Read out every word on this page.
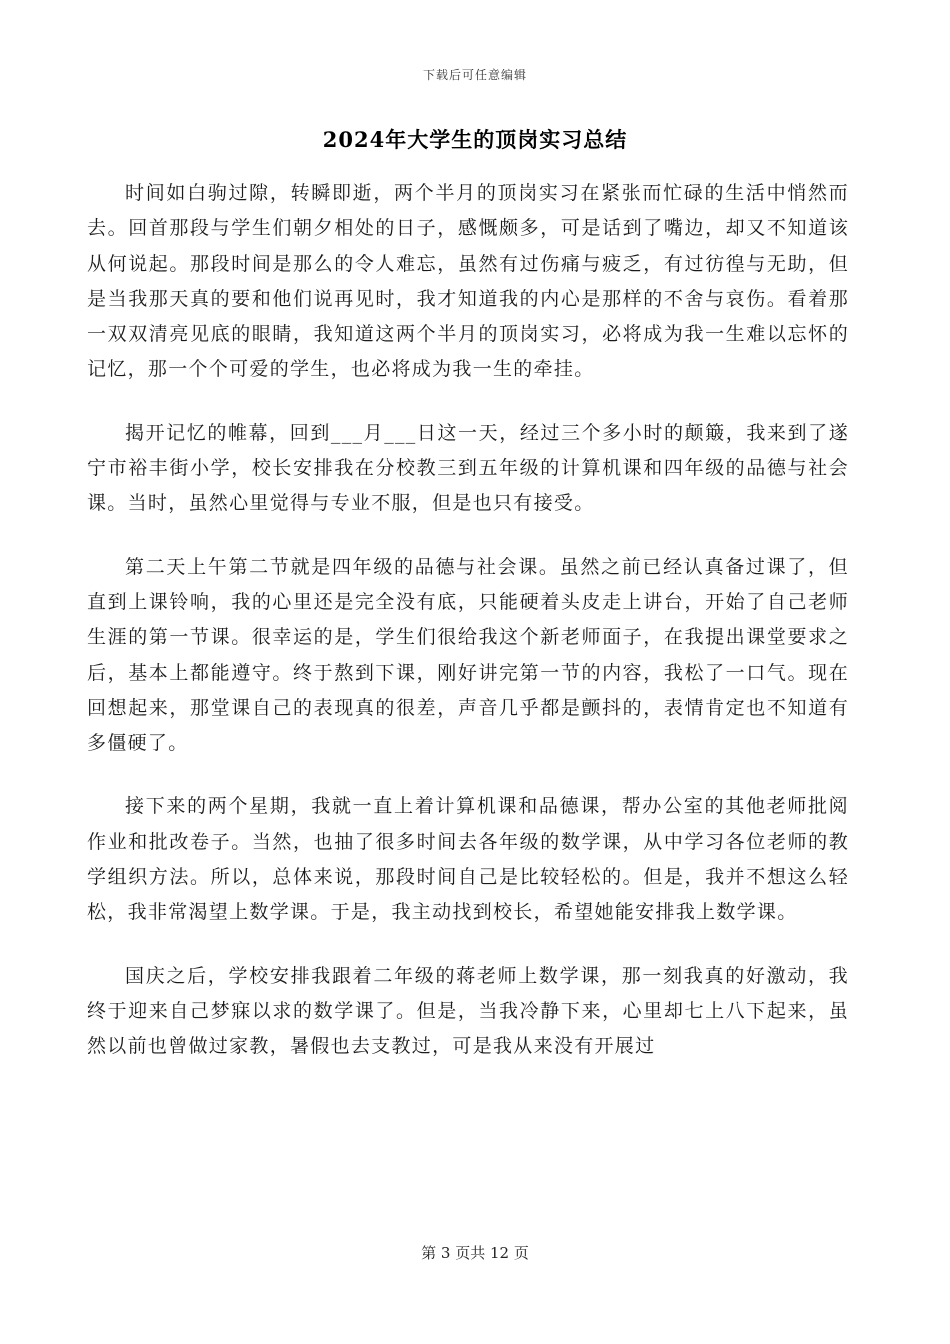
下载后可任意编辑
2024年大学生的顶岗实习总结

时间如白驹过隙，转瞬即逝，两个半月的顶岗实习在紧张而忙碌的生活中悄然而去。回首那段与学生们朝夕相处的日子，感慨颇多，可是话到了嘴边，却又不知道该从何说起。那段时间是那么的令人难忘，虽然有过伤痛与疲乏，有过彷徨与无助，但是当我那天真的要和他们说再见时，我才知道我的内心是那样的不舍与哀伤。看着那一双双清亮见底的眼睛，我知道这两个半月的顶岗实习，必将成为我一生难以忘怀的记忆，那一个个可爱的学生，也必将成为我一生的牵挂。

揭开记忆的帷幕，回到___月___日这一天，经过三个多小时的颠簸，我来到了遂宁市裕丰街小学，校长安排我在分校教三到五年级的计算机课和四年级的品德与社会课。当时，虽然心里觉得与专业不服，但是也只有接受。

第二天上午第二节就是四年级的品德与社会课。虽然之前已经认真备过课了，但直到上课铃响，我的心里还是完全没有底，只能硬着头皮走上讲台，开始了自己老师生涯的第一节课。很幸运的是，学生们很给我这个新老师面子，在我提出课堂要求之后，基本上都能遵守。终于熬到下课，刚好讲完第一节的内容，我松了一口气。现在回想起来，那堂课自己的表现真的很差，声音几乎都是颤抖的，表情肯定也不知道有多僵硬了。

接下来的两个星期，我就一直上着计算机课和品德课，帮办公室的其他老师批阅作业和批改卷子。当然，也抽了很多时间去各年级的数学课，从中学习各位老师的教学组织方法。所以，总体来说，那段时间自己是比较轻松的。但是，我并不想这么轻松，我非常渴望上数学课。于是，我主动找到校长，希望她能安排我上数学课。

国庆之后，学校安排我跟着二年级的蒋老师上数学课，那一刻我真的好激动，我终于迎来自己梦寐以求的数学课了。但是，当我冷静下来，心里却七上八下起来，虽然以前也曾做过家教，暑假也去支教过，可是我从来没有开展过

第 3 页共 12 页
